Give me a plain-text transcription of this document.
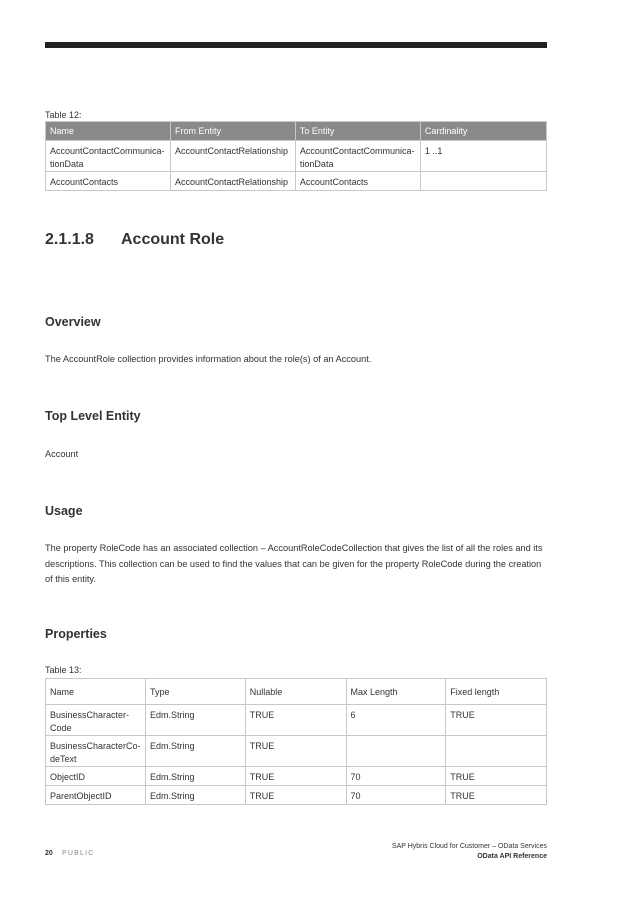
Table 12:
Name	From Entity	To Entity	Cardinality
AccountContactCommunica-tionData	AccountContactRelationship	AccountContactCommunica-tionData	1 ..1
AccountContacts	AccountContactRelationship	AccountContacts	
2.1.1.8 Account Role
Overview
The AccountRole collection provides information about the role(s) of an Account.
Top Level Entity
Account
Usage
The property RoleCode has an associated collection – AccountRoleCodeCollection that gives the list of all the roles and its descriptions. This collection can be used to find the values that can be given for the property RoleCode during the creation of this entity.
Properties
Table 13:
Name	Type	Nullable	Max Length	Fixed length
BusinessCharacter-Code	Edm.String	TRUE	6	TRUE
BusinessCharacterCo-deText	Edm.String	TRUE		
ObjectID	Edm.String	TRUE	70	TRUE
ParentObjectID	Edm.String	TRUE	70	TRUE
20 PUBLIC
SAP Hybris Cloud for Customer – OData Services
OData API Reference
